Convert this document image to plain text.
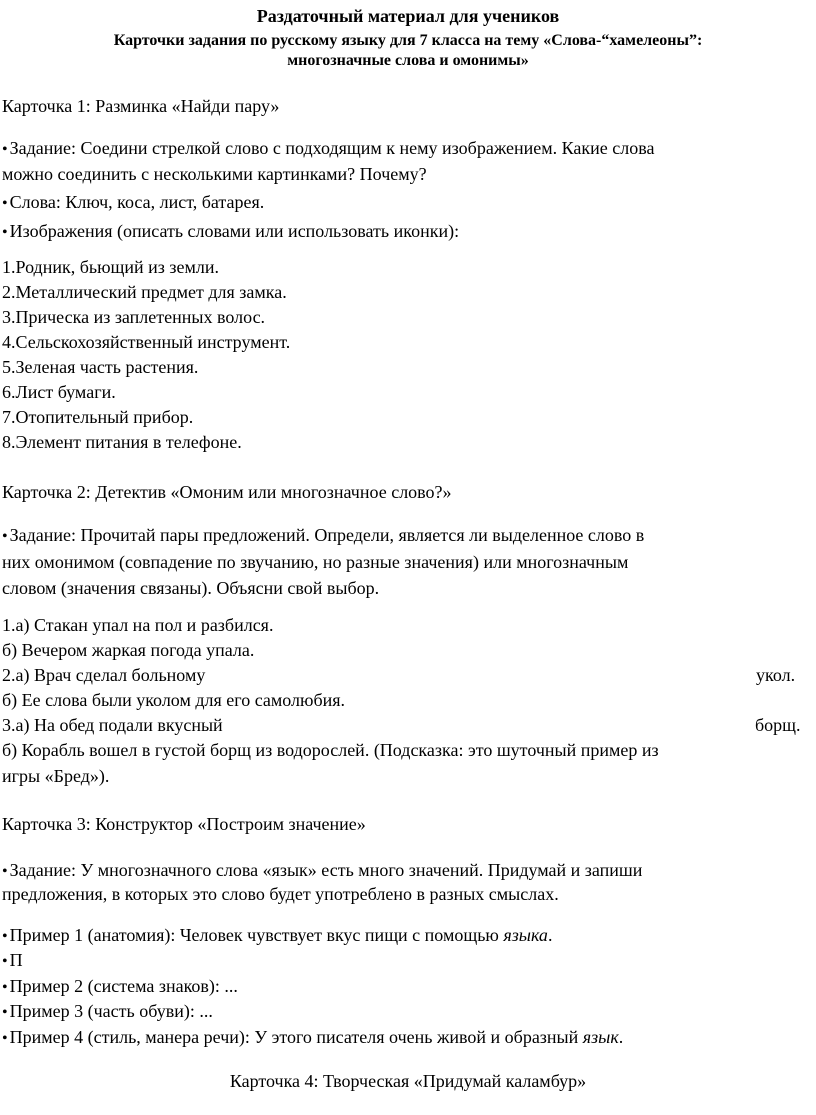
Раздаточный материал для учеников
Карточки задания по русскому языку для 7 класса на тему «Слова-“хамелеоны”:
многозначные слова и омонимы»
Карточка 1: Разминка «Найди пару»
• Задание: Соедини стрелкой слово с подходящим к нему изображением. Какие слова
можно соединить с несколькими картинками? Почему?
• Слова: Ключ, коса, лист, батарея.
• Изображения (описать словами или использовать иконки):
1.Родник, бьющий из земли.
2.Металлический предмет для замка.
3.Прическа из заплетенных волос.
4.Сельскохозяйственный инструмент.
5.Зеленая часть растения.
6.Лист бумаги.
7.Отопительный прибор.
8.Элемент питания в телефоне.
Карточка 2: Детектив «Омоним или многозначное слово?»
• Задание: Прочитай пары предложений. Определи, является ли выделенное слово в
них омонимом (совпадение по звучанию, но разные значения) или многозначным
словом (значения связаны). Объясни свой выбор.
1.а) Стакан упал на пол и разбился.
б) Вечером жаркая погода упала.
2.а) Врач сделал больному	укол.
б) Ее слова были уколом для его самолюбия.
3.а) На обед подали вкусный	борщ.
б) Корабль вошел в густой борщ из водорослей. (Подсказка: это шуточный пример из
игры «Бред»).
Карточка 3: Конструктор «Построим значение»
• Задание: У многозначного слова «язык» есть много значений. Придумай и запиши
предложения, в которых это слово будет употреблено в разных смыслах.
• Пример 1 (анатомия): Человек чувствует вкус пищи с помощью языка.
• П
• Пример 2 (система знаков): ...
• Пример 3 (часть обуви): ...
• Пример 4 (стиль, манера речи): У этого писателя очень живой и образный язык.
Карточка 4: Творческая «Придумай каламбур»
